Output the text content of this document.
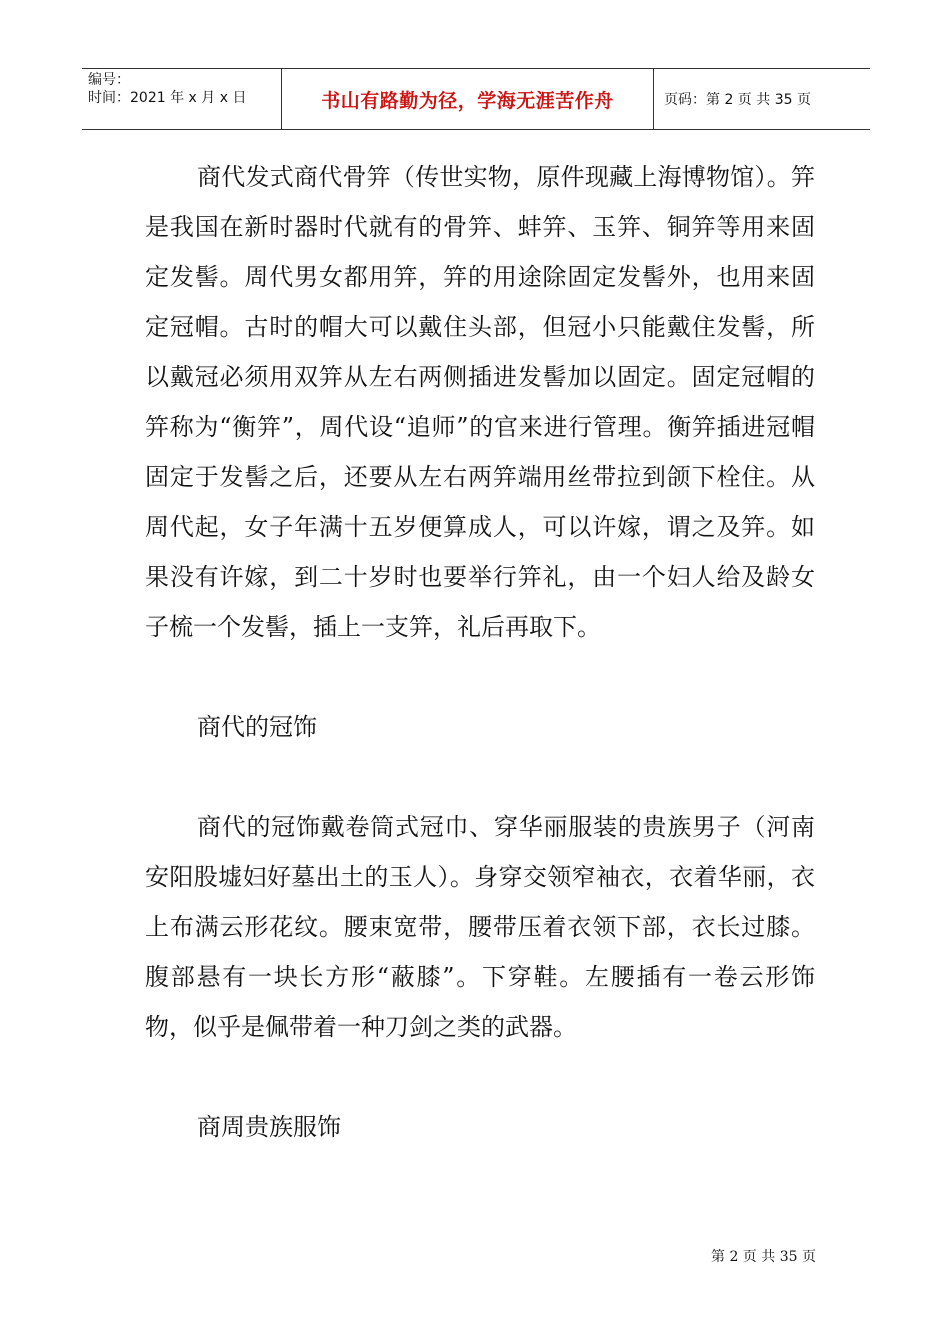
编号：
时间：2021 年 x 月 x 日	书山有路勤为径，学海无涯苦作舟	页码：第 2 页 共 35 页

商代发式商代骨笄（传世实物，原件现藏上海博物馆）。笄是我国在新时器时代就有的骨笄、蚌笄、玉笄、铜笄等用来固定发髻。周代男女都用笄，笄的用途除固定发髻外，也用来固定冠帽。古时的帽大可以戴住头部，但冠小只能戴住发髻，所以戴冠必须用双笄从左右两侧插进发髻加以固定。固定冠帽的笄称为“衡笄”，周代设“追师”的官来进行管理。衡笄插进冠帽固定于发髻之后，还要从左右两笄端用丝带拉到颌下栓住。从周代起，女子年满十五岁便算成人，可以许嫁，谓之及笄。如果没有许嫁，到二十岁时也要举行笄礼，由一个妇人给及龄女子梳一个发髻，插上一支笄，礼后再取下。

商代的冠饰

商代的冠饰戴卷筒式冠巾、穿华丽服装的贵族男子（河南安阳股墟妇好墓出土的玉人）。身穿交领窄袖衣，衣着华丽，衣上布满云形花纹。腰束宽带，腰带压着衣领下部，衣长过膝。腹部悬有一块长方形“蔽膝”。下穿鞋。左腰插有一卷云形饰物，似乎是佩带着一种刀剑之类的武器。

商周贵族服饰

第 2 页 共 35 页
